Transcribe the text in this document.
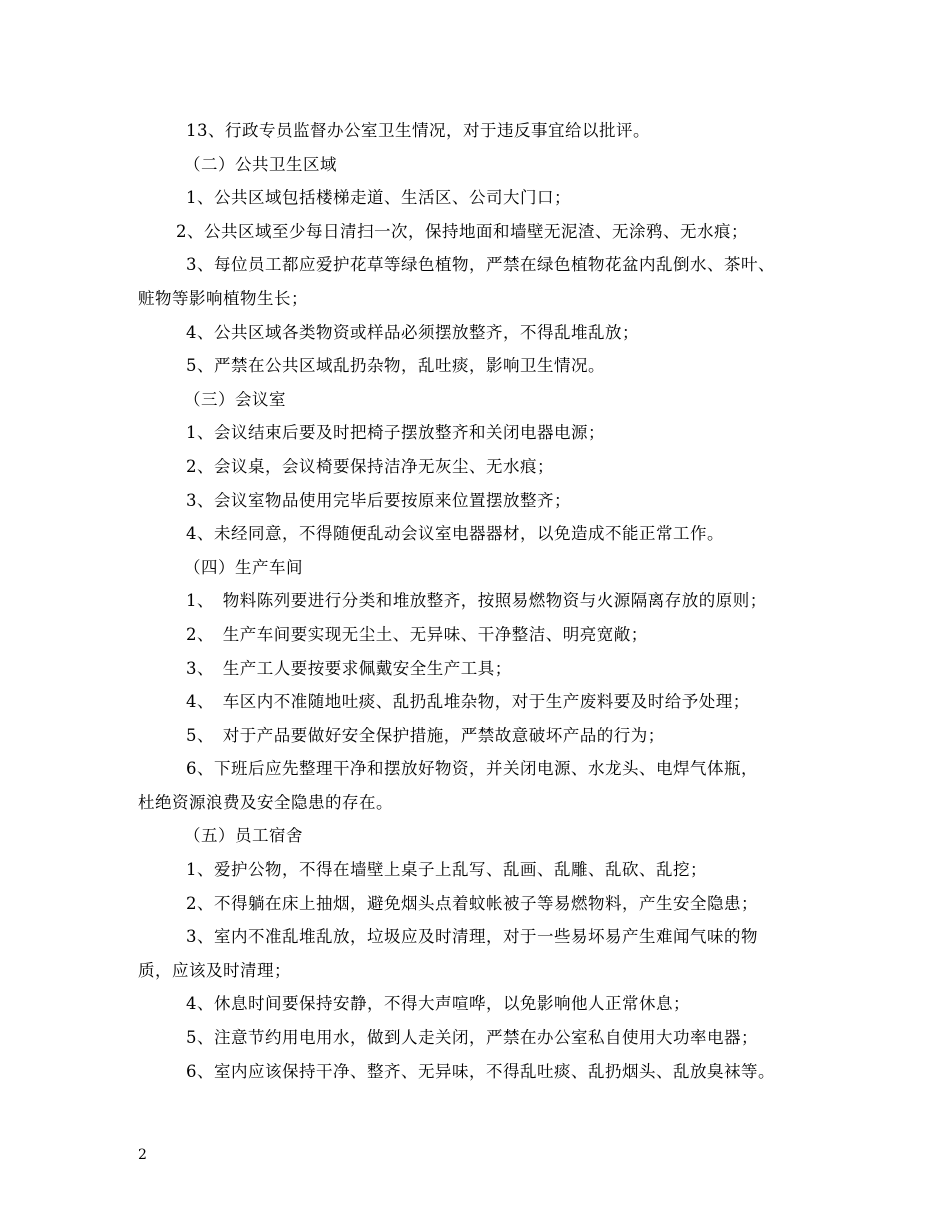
13、行政专员监督办公室卫生情况，对于违反事宜给以批评。
（二）公共卫生区域
1、公共区域包括楼梯走道、生活区、公司大门口；
2、公共区域至少每日清扫一次，保持地面和墙壁无泥渣、无涂鸦、无水痕；
3、每位员工都应爱护花草等绿色植物，严禁在绿色植物花盆内乱倒水、茶叶、
赃物等影响植物生长；
4、公共区域各类物资或样品必须摆放整齐，不得乱堆乱放；
5、严禁在公共区域乱扔杂物，乱吐痰，影响卫生情况。
（三）会议室
1、会议结束后要及时把椅子摆放整齐和关闭电器电源；
2、会议桌，会议椅要保持洁净无灰尘、无水痕；
3、会议室物品使用完毕后要按原来位置摆放整齐；
4、未经同意，不得随便乱动会议室电器器材，以免造成不能正常工作。
（四）生产车间
1、　物料陈列要进行分类和堆放整齐，按照易燃物资与火源隔离存放的原则；
2、　生产车间要实现无尘土、无异味、干净整洁、明亮宽敞；
3、　生产工人要按要求佩戴安全生产工具；
4、　车区内不准随地吐痰、乱扔乱堆杂物，对于生产废料要及时给予处理；
5、　对于产品要做好安全保护措施，严禁故意破坏产品的行为；
6、下班后应先整理干净和摆放好物资，并关闭电源、水龙头、电焊气体瓶，
杜绝资源浪费及安全隐患的存在。
（五）员工宿舍
1、爱护公物，不得在墙壁上桌子上乱写、乱画、乱雕、乱砍、乱挖；
2、不得躺在床上抽烟，避免烟头点着蚊帐被子等易燃物料，产生安全隐患；
3、室内不准乱堆乱放，垃圾应及时清理，对于一些易坏易产生难闻气味的物
质，应该及时清理；
4、休息时间要保持安静，不得大声喧哗，以免影响他人正常休息；
5、注意节约用电用水，做到人走关闭，严禁在办公室私自使用大功率电器；
6、室内应该保持干净、整齐、无异味，不得乱吐痰、乱扔烟头、乱放臭袜等。
2
